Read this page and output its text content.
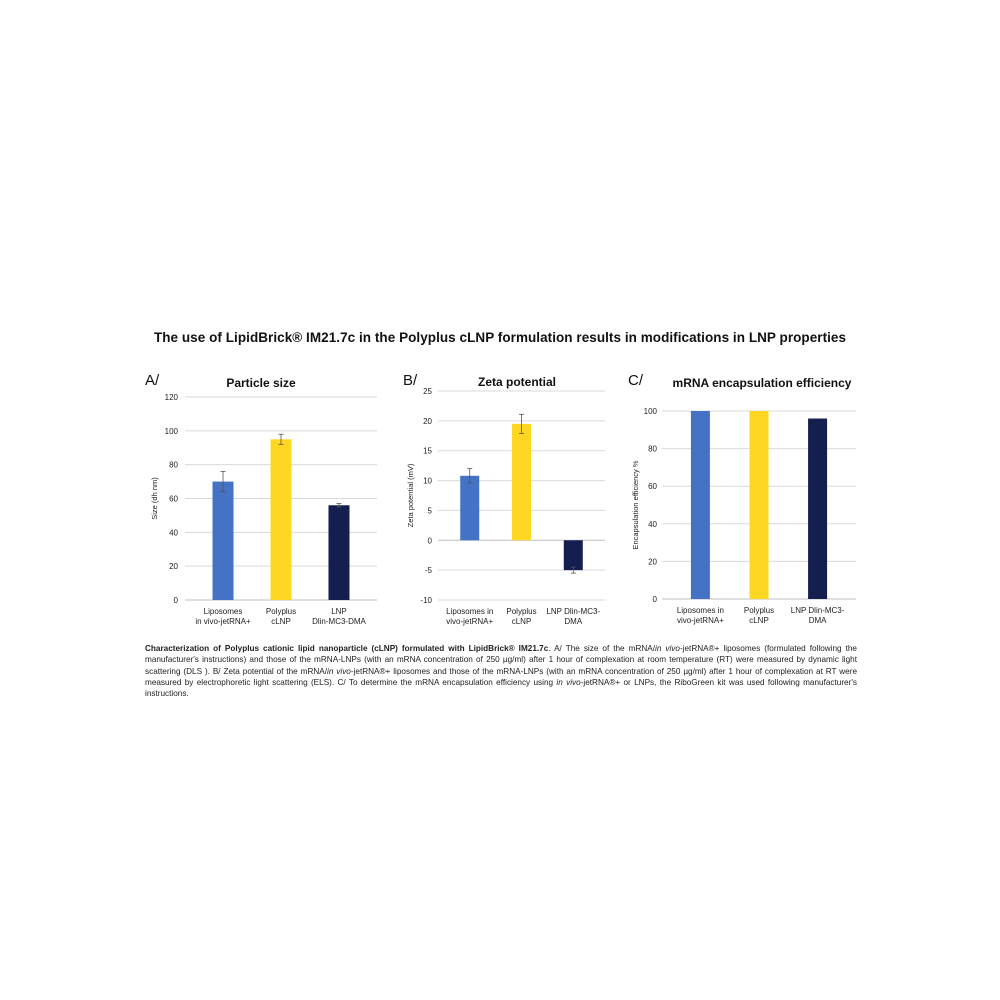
The use of LipidBrick® IM21.7c in the Polyplus cLNP formulation results in modifications in LNP properties
A/	Particle size
0
20
40
60
80
100
120
Size (dh nm)
Liposomes
in vivo-jetRNA+
Polyplus
cLNP
LNP
Dlin-MC3-DMA
B/	Zeta potential
-10
-5
0
5
10
15
20
25
Zeta potential (mV)
Liposomes in
vivo-jetRNA+
Polyplus
cLNP
LNP Dlin-MC3-
DMA
C/ mRNA encapsulation efficiency
0
20
40
60
80
100
Encapsulation efficiency %
Liposomes in
vivo-jetRNA+
Polyplus
cLNP
LNP Dlin-MC3-
DMA
Characterization of Polyplus cationic lipid nanoparticle (cLNP) formulated with LipidBrick® IM21.7c. A/ The size of the mRNA/in vivo-jetRNA®+ liposomes (formulated following the manufacturer's instructions) and those of the mRNA-LNPs (with an mRNA concentration of 250 µg/ml) after 1 hour of complexation at room temperature (RT) were measured by dynamic light scattering (DLS ). B/ Zeta potential of the mRNA/in vivo-jetRNA®+ liposomes and those of the mRNA-LNPs (with an mRNA concentration of 250 µg/ml) after 1 hour of complexation at RT were measured by electrophoretic light scattering (ELS). C/ To determine the mRNA encapsulation efficiency using in vivo-jetRNA®+ or LNPs, the RiboGreen kit was used following manufacturer's instructions.
